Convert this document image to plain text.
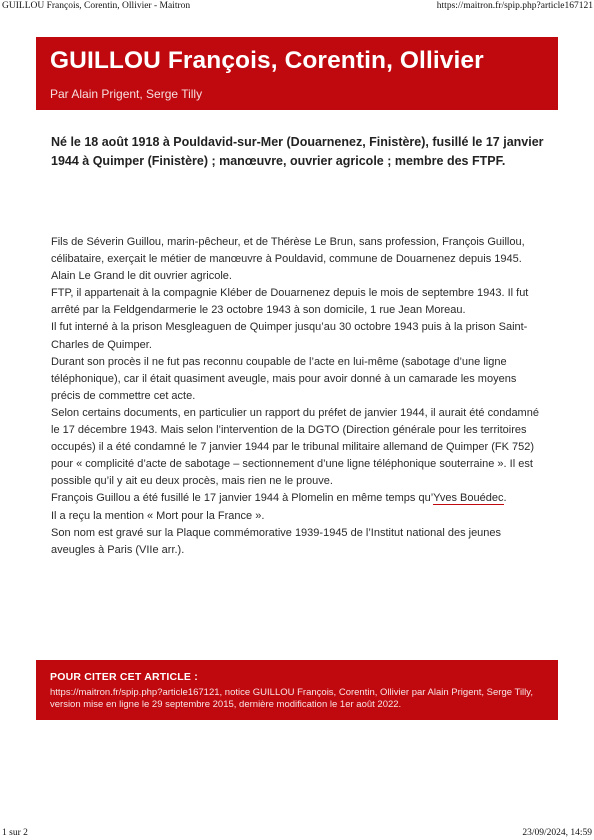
GUILLOU François, Corentin, Ollivier - Maitron	https://maitron.fr/spip.php?article167121
GUILLOU François, Corentin, Ollivier
Par Alain Prigent, Serge Tilly
Né le 18 août 1918 à Pouldavid-sur-Mer (Douarnenez, Finistère), fusillé le 17 janvier 1944 à Quimper (Finistère) ; manœuvre, ouvrier agricole ; membre des FTPF.

Fils de Séverin Guillou, marin-pêcheur, et de Thérèse Le Brun, sans profession, François Guillou, célibataire, exerçait le métier de manœuvre à Pouldavid, commune de Douarnenez depuis 1945. Alain Le Grand le dit ouvrier agricole.

FTP, il appartenait à la compagnie Kléber de Douarnenez depuis le mois de septembre 1943. Il fut arrêté par la Feldgendarmerie le 23 octobre 1943 à son domicile, 1 rue Jean Moreau.

Il fut interné à la prison Mesgleaguen de Quimper jusqu’au 30 octobre 1943 puis à la prison Saint-Charles de Quimper.

Durant son procès il ne fut pas reconnu coupable de l’acte en lui-même (sabotage d’une ligne téléphonique), car il était quasiment aveugle, mais pour avoir donné à un camarade les moyens précis de commettre cet acte.

Selon certains documents, en particulier un rapport du préfet de janvier 1944, il aurait été condamné le 17 décembre 1943. Mais selon l’intervention de la DGTO (Direction générale pour les territoires occupés) il a été condamné le 7 janvier 1944 par le tribunal militaire allemand de Quimper (FK 752) pour « complicité d’acte de sabotage – sectionnement d’une ligne téléphonique souterraine ». Il est possible qu’il y ait eu deux procès, mais rien ne le prouve.

François Guillou a été fusillé le 17 janvier 1944 à Plomelin en même temps qu’Yves Bouédec.

Il a reçu la mention « Mort pour la France ».

Son nom est gravé sur la Plaque commémorative 1939-1945 de l’Institut national des jeunes aveugles à Paris (VIIe arr.).

POUR CITER CET ARTICLE :
https://maitron.fr/spip.php?article167121, notice GUILLOU François, Corentin, Ollivier par Alain Prigent, Serge Tilly, version mise en ligne le 29 septembre 2015, dernière modification le 1er août 2022.
1 sur 2	23/09/2024, 14:59
